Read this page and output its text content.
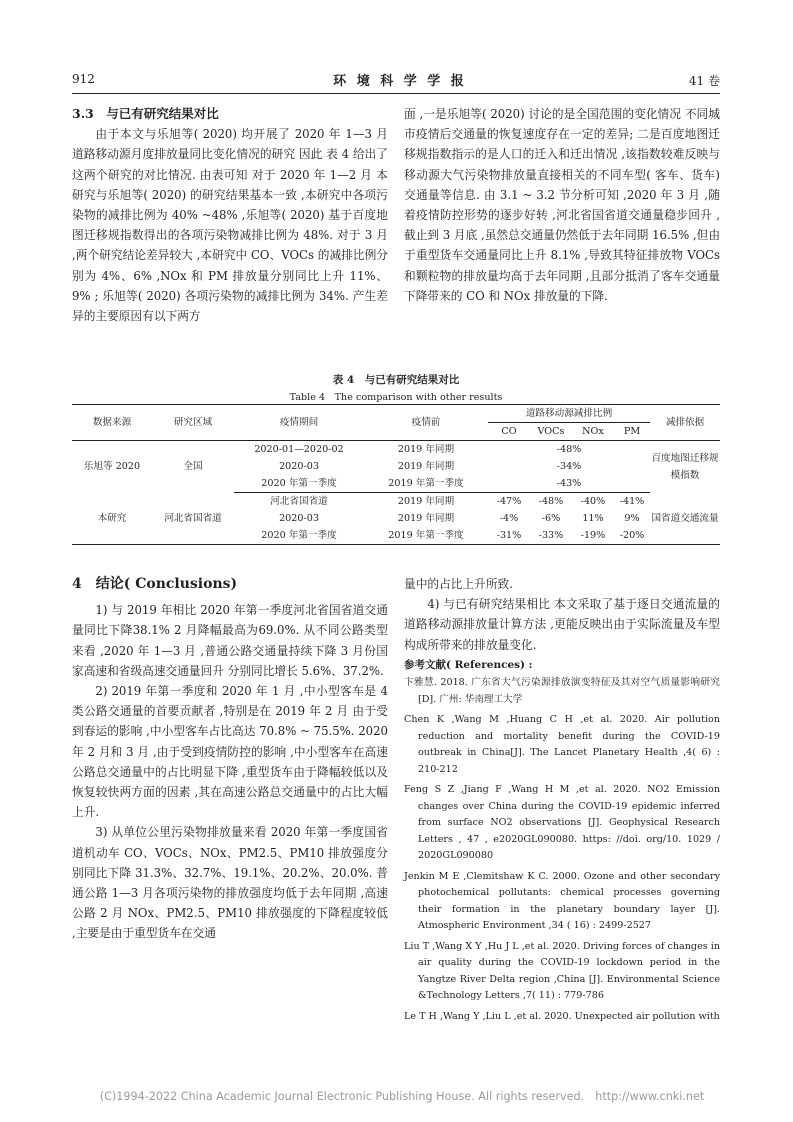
912	环 境 科 学 学 报	41 卷

3.3　与已有研究结果对比

由于本文与乐旭等( 2020) 均开展了 2020 年 1—3 月道路移动源月度排放量同比变化情况的研究 因此 表 4 给出了这两个研究的对比情况. 由表可知 对于 2020 年 1—2 月 本研究与乐旭等( 2020) 的研究结果基本一致 ,本研究中各项污染物的减排比例为 40% ~48% ,乐旭等( 2020) 基于百度地图迁移规指数得出的各项污染物减排比例为 48%. 对于 3 月 ,两个研究结论差异较大 ,本研究中 CO、VOCs 的减排比例分别为 4%、6% ,NOx 和 PM 排放量分别同比上升 11%、9% ; 乐旭等( 2020) 各项污染物的减排比例为 34%. 产生差异的主要原因有以下两方

面 ,一是乐旭等( 2020) 讨论的是全国范围的变化情况 不同城市疫情后交通量的恢复速度存在一定的差异; 二是百度地图迁移规指数指示的是人口的迁入和迁出情况 ,该指数较难反映与移动源大气污染物排放量直接相关的不同车型( 客车、货车) 交通量等信息. 由 3.1 ~ 3.2 节分析可知 ,2020 年 3 月 ,随着疫情防控形势的逐步好转 ,河北省国省道交通量稳步回升 ,截止到 3 月底 ,虽然总交通量仍然低于去年同期 16.5% ,但由于重型货车交通量同比上升 8.1% ,导致其特征排放物 VOCs 和颗粒物的排放量均高于去年同期 ,且部分抵消了客车交通量下降带来的 CO 和 NOx 排放量的下降.

表 4　与已有研究结果对比
Table 4　The comparison with other results
数据来源	研究区域	疫情期间	疫情前	道路移动源减排比例				减排依据
				CO	VOCs	NOx	PM	
乐旭等 2020	全国	2020-01—2020-02	2019 年同期	-48%				百度地图迁移规模指数
		2020-03	2019 年同期	-34%				
		2020 年第一季度	2019 年第一季度	-43%				
本研究	河北省国省道	河北省国省道	2019 年同期	-47%	-48%	-40%	-41%	国省道交通流量
		2020-03	2019 年同期	-4%	-6%	11%	9%	
		2020 年第一季度	2019 年第一季度	-31%	-33%	-19%	-20%	

4　结论( Conclusions)

1) 与 2019 年相比 2020 年第一季度河北省国省道交通量同比下降38.1% 2 月降幅最高为69.0%. 从不同公路类型来看 ,2020 年 1—3 月 ,普通公路交通量持续下降 3 月份国家高速和省级高速交通量回升 分别同比增长 5.6%、37.2%.

2) 2019 年第一季度和 2020 年 1 月 ,中小型客车是 4 类公路交通量的首要贡献者 ,特别是在 2019 年 2 月 由于受到春运的影响 ,中小型客车占比高达 70.8% ~ 75.5%. 2020 年 2 月和 3 月 ,由于受到疫情防控的影响 ,中小型客车在高速公路总交通量中的占比明显下降 ,重型货车由于降幅较低以及恢复较快两方面的因素 ,其在高速公路总交通量中的占比大幅上升.

3) 从单位公里污染物排放量来看 2020 年第一季度国省道机动车 CO、VOCs、NOx、PM2.5、PM10 排放强度分别同比下降 31.3%、32.7%、19.1%、20.2%、20.0%. 普通公路 1—3 月各项污染物的排放强度均低于去年同期 ,高速公路 2 月 NOx、PM2.5、PM10 排放强度的下降程度较低 ,主要是由于重型货车在交通

量中的占比上升所致.

4) 与已有研究结果相比 本文采取了基于逐日交通流量的道路移动源排放量计算方法 ,更能反映出由于实际流量及车型构成所带来的排放量变化.

参考文献( References) :

卞雅慧. 2018. 广东省大气污染源排放演变特征及其对空气质量影响研究[D]. 广州: 华南理工大学

Chen K ,Wang M ,Huang C H ,et al. 2020. Air pollution reduction and mortality benefit during the COVID-19 outbreak in China[J]. The Lancet Planetary Health ,4( 6) : 210-212

Feng S Z ,Jiang F ,Wang H M ,et al. 2020. NO2 Emission changes over China during the COVID-19 epidemic inferred from surface NO2 observations [J]. Geophysical Research Letters , 47 , e2020GL090080. https: //doi. org/10. 1029 / 2020GL090080

Jenkin M E ,Clemitshaw K C. 2000. Ozone and other secondary photochemical pollutants: chemical processes governing their formation in the planetary boundary layer [J]. Atmospheric Environment ,34 ( 16) : 2499-2527

Liu T ,Wang X Y ,Hu J L ,et al. 2020. Driving forces of changes in air quality during the COVID-19 lockdown period in the Yangtze River Delta region ,China [J]. Environmental Science &Technology Letters ,7( 11) : 779-786

Le T H ,Wang Y ,Liu L ,et al. 2020. Unexpected air pollution with

(C)1994-2022 China Academic Journal Electronic Publishing House. All rights reserved.　http://www.cnki.net
